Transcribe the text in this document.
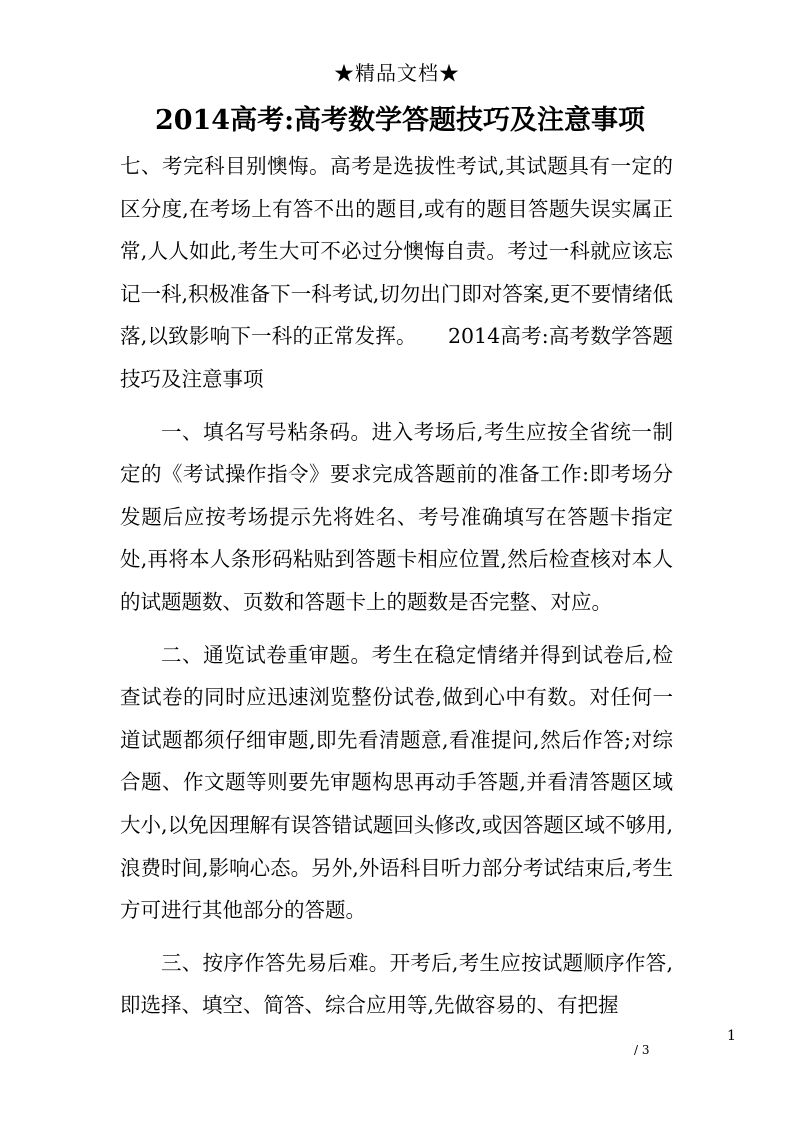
★精品文档★
2014高考:高考数学答题技巧及注意事项

七、考完科目别懊悔。高考是选拔性考试,其试题具有一定的区分度,在考场上有答不出的题目,或有的题目答题失误实属正常,人人如此,考生大可不必过分懊悔自责。考过一科就应该忘记一科,积极准备下一科考试,切勿出门即对答案,更不要情绪低落,以致影响下一科的正常发挥。　　2014高考:高考数学答题技巧及注意事项

一、填名写号粘条码。进入考场后,考生应按全省统一制定的《考试操作指令》要求完成答题前的准备工作:即考场分发题后应按考场提示先将姓名、考号准确填写在答题卡指定处,再将本人条形码粘贴到答题卡相应位置,然后检查核对本人的试题题数、页数和答题卡上的题数是否完整、对应。

二、通览试卷重审题。考生在稳定情绪并得到试卷后,检查试卷的同时应迅速浏览整份试卷,做到心中有数。对任何一道试题都须仔细审题,即先看清题意,看准提问,然后作答;对综合题、作文题等则要先审题构思再动手答题,并看清答题区域大小,以免因理解有误答错试题回头修改,或因答题区域不够用,浪费时间,影响心态。另外,外语科目听力部分考试结束后,考生方可进行其他部分的答题。

三、按序作答先易后难。开考后,考生应按试题顺序作答,即选择、填空、简答、综合应用等,先做容易的、有把握

1
/ 3
